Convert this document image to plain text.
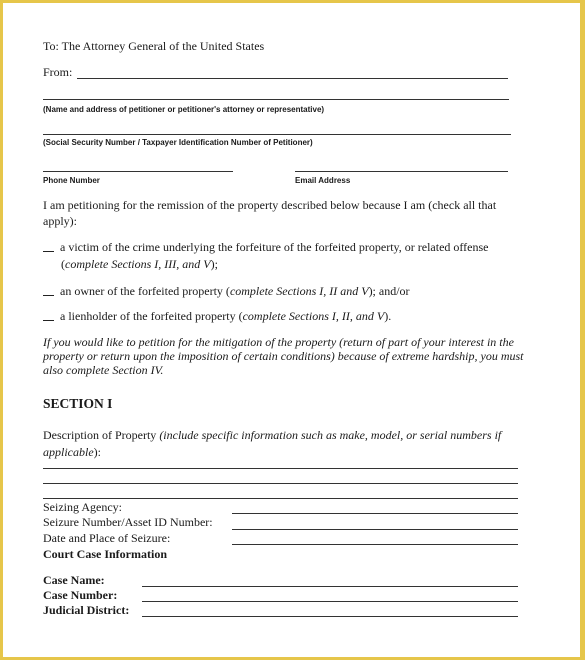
To: The Attorney General of the United States
From:
(Name and address of petitioner or petitioner's attorney or representative)
(Social Security Number / Taxpayer Identification Number of Petitioner)
Phone Number	Email Address
I am petitioning for the remission of the property described below because I am (check all that
apply):
a victim of the crime underlying the forfeiture of the forfeited property, or related offense
(complete Sections I, III, and V);
an owner of the forfeited property (complete Sections I, II and V); and/or
a lienholder of the forfeited property (complete Sections I, II, and V).
If you would like to petition for the mitigation of the property (return of part of your interest in the
property or return upon the imposition of certain conditions) because of extreme hardship, you must
also complete Section IV.
SECTION I
Description of Property (include specific information such as make, model, or serial numbers if
applicable):
Seizing Agency:
Seizure Number/Asset ID Number:
Date and Place of Seizure:
Court Case Information
Case Name:
Case Number:
Judicial District:
